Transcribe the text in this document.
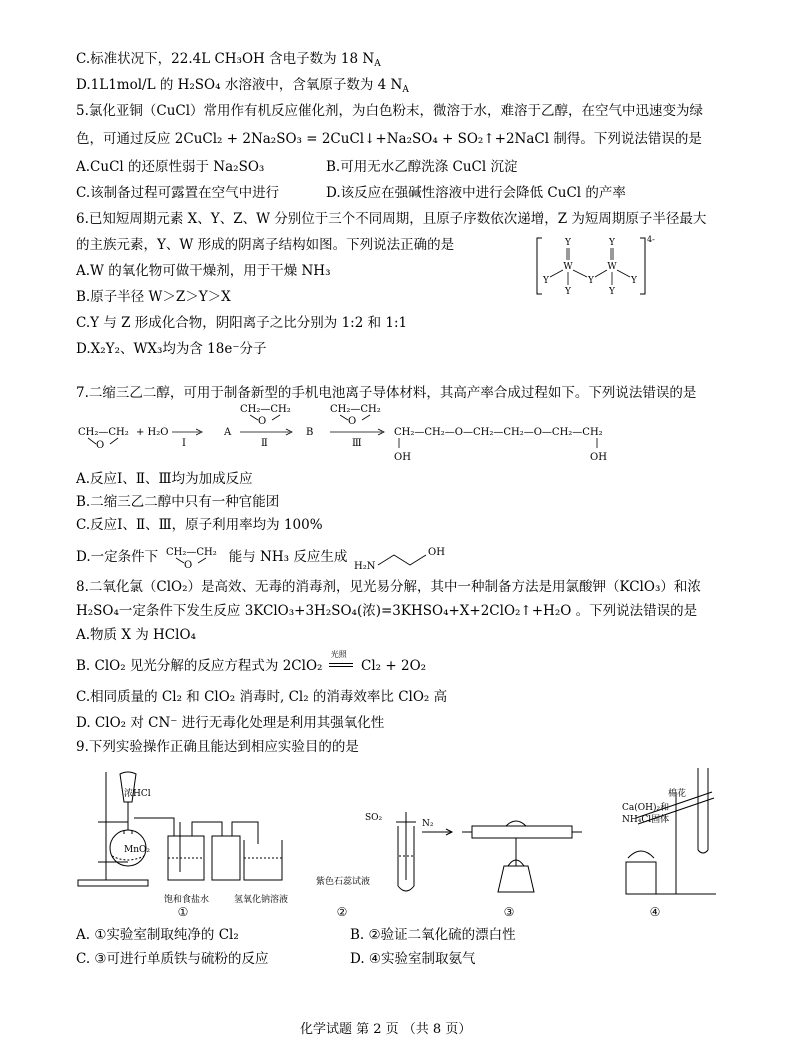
C.标准状况下，22.4L CH₃OH 含电子数为 18 $N_A$
D.1L1mol/L 的 H₂SO₄ 水溶液中，含氧原子数为 4 $N_A$
5.氯化亚铜（CuCl）常用作有机反应催化剂，为白色粉末，微溶于水，难溶于乙醇，在空气中迅速变为绿
色，可通过反应 2CuCl₂ + 2Na₂SO₃ = 2CuCl↓+Na₂SO₄ + SO₂↑+2NaCl 制得。下列说法错误的是
A.CuCl 的还原性弱于 Na₂SO₃	B.可用无水乙醇洗涤 CuCl 沉淀
C.该制备过程可露置在空气中进行	D.该反应在强碱性溶液中进行会降低 CuCl 的产率
6.已知短周期元素 X、Y、Z、W 分别位于三个不同周期，且原子序数依次递增，Z 为短周期原子半径最大
的主族元素，Y、W 形成的阴离子结构如图。下列说法正确的是
A.W 的氧化物可做干燥剂，用于干燥 NH₃
B.原子半径 W＞Z＞Y＞X
C.Y 与 Z 形成化合物，阴阳离子之比分别为 1:2 和 1:1
D.X₂Y₂、WX₃均为含 18e⁻分子
Y
W
Y
Y	Y
Y
W
Y
Y
4-
7.二缩三乙二醇，可用于制备新型的手机电池离子导体材料，其高产率合成过程如下。下列说法错误的是
CH₂—CH₂
O
+ H₂O
Ⅰ
A
CH₂—CH₂
O
Ⅱ
B
CH₂—CH₂
O
Ⅲ
CH₂—CH₂—O—CH₂—CH₂—O—CH₂—CH₂
OH	OH
A.反应Ⅰ、Ⅱ、Ⅲ均为加成反应
B.二缩三乙二醇中只有一种官能团
C.反应Ⅰ、Ⅱ、Ⅲ，原子利用率均为 100%
D.一定条件下 CH₂—CH₂
O
能与 NH₃ 反应生成
H₂N
OH
8.二氧化氯（ClO₂）是高效、无毒的消毒剂，见光易分解，其中一种制备方法是用氯酸钾（KClO₃）和浓
H₂SO₄一定条件下发生反应 3KClO₃+3H₂SO₄(浓)=3KHSO₄+X+2ClO₂↑+H₂O 。下列说法错误的是
A.物质 X 为 HClO₄
B. ClO₂ 见光分解的反应方程式为 2ClO₂
光照
Cl₂ + 2O₂
C.相同质量的 Cl₂ 和 ClO₂ 消毒时, Cl₂ 的消毒效率比 ClO₂ 高
D. ClO₂ 对 CN⁻ 进行无毒化处理是利用其强氧化性
9.下列实验操作正确且能达到相应实验目的的是
浓HCl
MnO₂
饱和食盐水	氢氧化钠溶液
SO₂
紫色石蕊试液
N₂
棉花
Ca(OH)₂和
NH₄Cl固体
①	②	③	④
A. ①实验室制取纯净的 Cl₂	B. ②验证二氧化硫的漂白性
C. ③可进行单质铁与硫粉的反应	D. ④实验室制取氨气
化学试题 第 2 页 （共 8 页）
